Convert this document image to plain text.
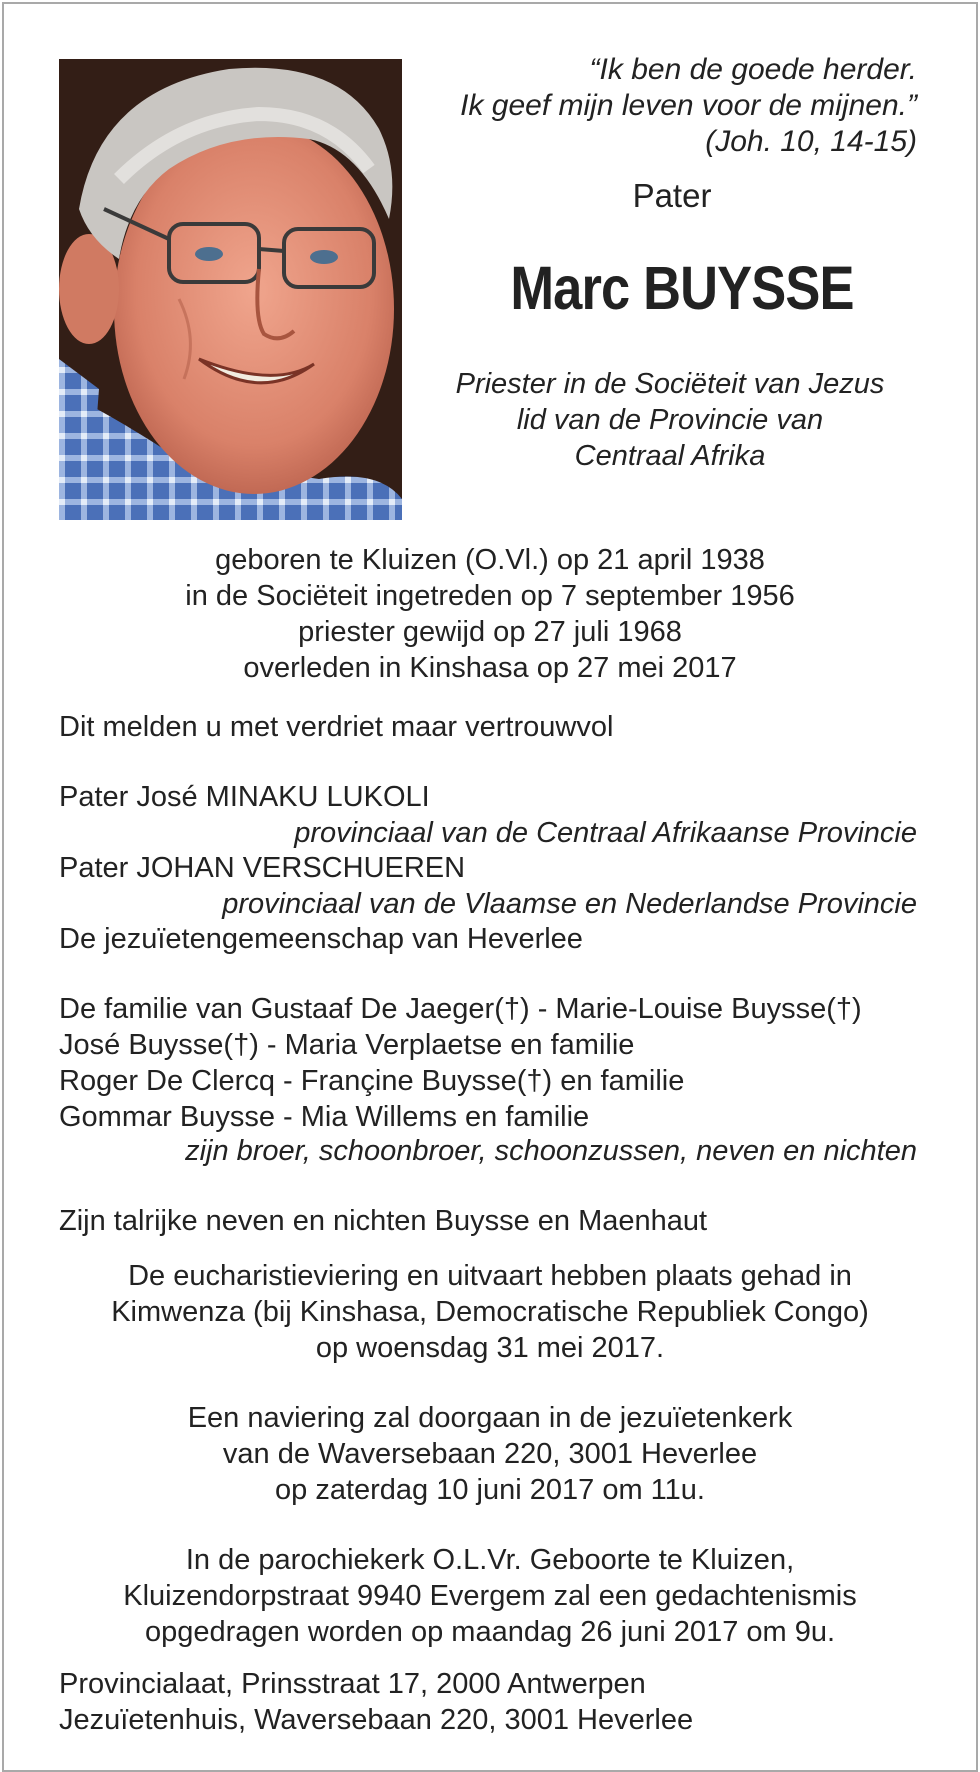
“Ik ben de goede herder.
Ik geef mijn leven voor de mijnen.”
(Joh. 10, 14-15)
Pater
Marc BUYSSE
Priester in de Sociëteit van Jezus
lid van de Provincie van
Centraal Afrika
geboren te Kluizen (O.Vl.) op 21 april 1938
in de Sociëteit ingetreden op 7 september 1956
priester gewijd op 27 juli 1968
overleden in Kinshasa op 27 mei 2017
Dit melden u met verdriet maar vertrouwvol
Pater José MINAKU LUKOLI
provinciaal van de Centraal Afrikaanse Provincie
Pater JOHAN VERSCHUEREN
provinciaal van de Vlaamse en Nederlandse Provincie
De jezuïetengemeenschap van Heverlee
De familie van Gustaaf De Jaeger(†) - Marie-Louise Buysse(†)
José Buysse(†) - Maria Verplaetse en familie
Roger De Clercq - Françine Buysse(†) en familie
Gommar Buysse - Mia Willems en familie
zijn broer, schoonbroer, schoonzussen, neven en nichten
Zijn talrijke neven en nichten Buysse en Maenhaut
De eucharistieviering en uitvaart hebben plaats gehad in
Kimwenza (bij Kinshasa, Democratische Republiek Congo)
op woensdag 31 mei 2017.
Een naviering zal doorgaan in de jezuïetenkerk
van de Waversebaan 220, 3001 Heverlee
op zaterdag 10 juni 2017 om 11u.
In de parochiekerk O.L.Vr. Geboorte te Kluizen,
Kluizendorpstraat 9940 Evergem zal een gedachtenismis
opgedragen worden op maandag 26 juni 2017 om 9u.
Provincialaat, Prinsstraat 17, 2000 Antwerpen
Jezuïetenhuis, Waversebaan 220, 3001 Heverlee
